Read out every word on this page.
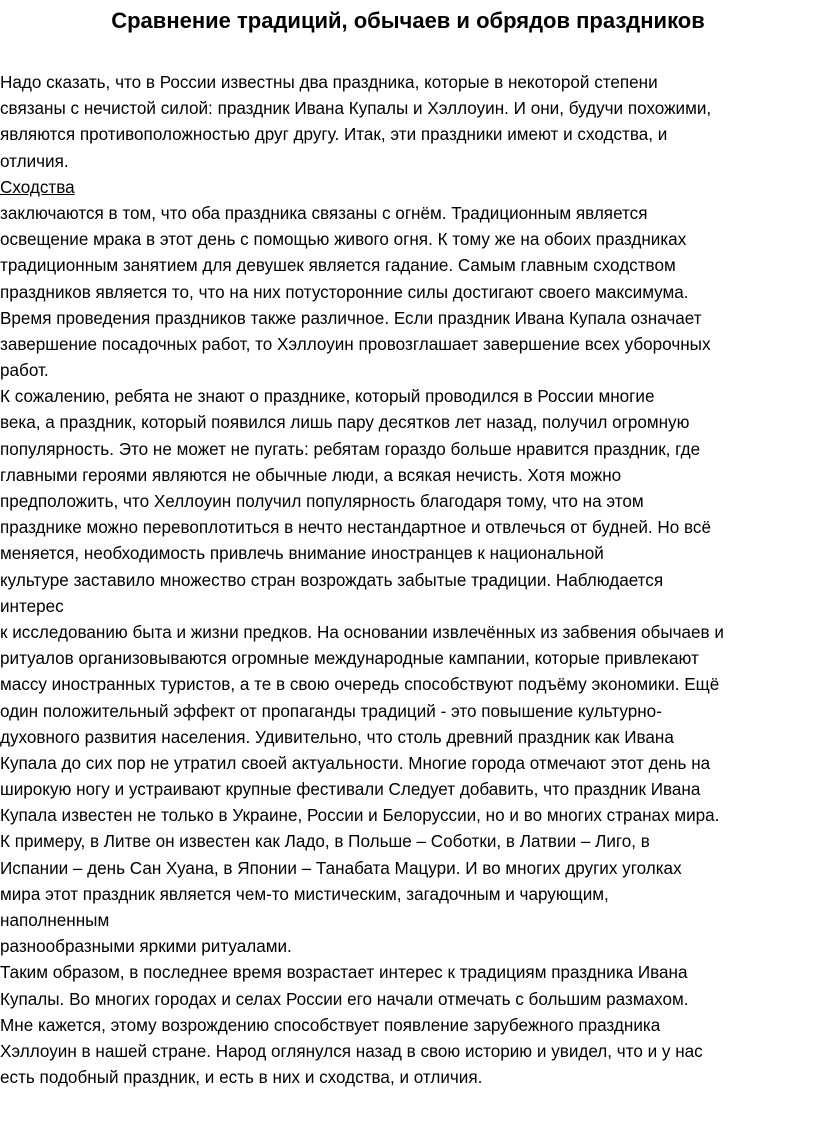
Сравнение традиций, обычаев и обрядов праздников
Надо сказать, что в России известны два праздника, которые в некоторой степени
связаны с нечистой силой: праздник Ивана Купалы и Хэллоуин. И они, будучи похожими,
являются противоположностью друг другу. Итак, эти праздники имеют и сходства, и
отличия.
Сходства
заключаются в том, что оба праздника связаны с огнём. Традиционным является
освещение мрака в этот день с помощью живого огня. К тому же на обоих праздниках
традиционным занятием для девушек является гадание. Самым главным сходством
праздников является то, что на них потусторонние силы достигают своего максимума.
Время проведения праздников также различное. Если праздник Ивана Купала означает
завершение посадочных работ, то Хэллоуин провозглашает завершение всех уборочных
работ.
К сожалению, ребята не знают о празднике, который проводился в России многие
века, а праздник, который появился лишь пару десятков лет назад, получил огромную
популярность. Это не может не пугать: ребятам гораздо больше нравится праздник, где
главными героями являются не обычные люди, а всякая нечисть. Хотя можно
предположить, что Хеллоуин получил популярность благодаря тому, что на этом
празднике можно перевоплотиться в нечто нестандартное и отвлечься от будней. Но всё
меняется, необходимость привлечь внимание иностранцев к национальной
культуре заставило множество стран возрождать забытые традиции. Наблюдается
интерес
к исследованию быта и жизни предков. На основании извлечённых из забвения обычаев и
ритуалов организовываются огромные международные кампании, которые привлекают
массу иностранных туристов, а те в свою очередь способствуют подъёму экономики. Ещё
один положительный эффект от пропаганды традиций - это повышение культурно-
духовного развития населения. Удивительно, что столь древний праздник как Ивана
Купала до сих пор не утратил своей актуальности. Многие города отмечают этот день на
широкую ногу и устраивают крупные фестивали Следует добавить, что праздник Ивана
Купала известен не только в Украине, России и Белоруссии, но и во многих странах мира.
К примеру, в Литве он известен как Ладо, в Польше – Соботки, в Латвии – Лиго, в
Испании – день Сан Хуана, в Японии – Танабата Мацури. И во многих других уголках
мира этот праздник является чем-то мистическим, загадочным и чарующим,
наполненным
разнообразными яркими ритуалами.
Таким образом, в последнее время возрастает интерес к традициям праздника Ивана
Купалы. Во многих городах и селах России его начали отмечать с большим размахом.
Мне кажется, этому возрождению способствует появление зарубежного праздника
Хэллоуин в нашей стране. Народ оглянулся назад в свою историю и увидел, что и у нас
есть подобный праздник, и есть в них и сходства, и отличия.
